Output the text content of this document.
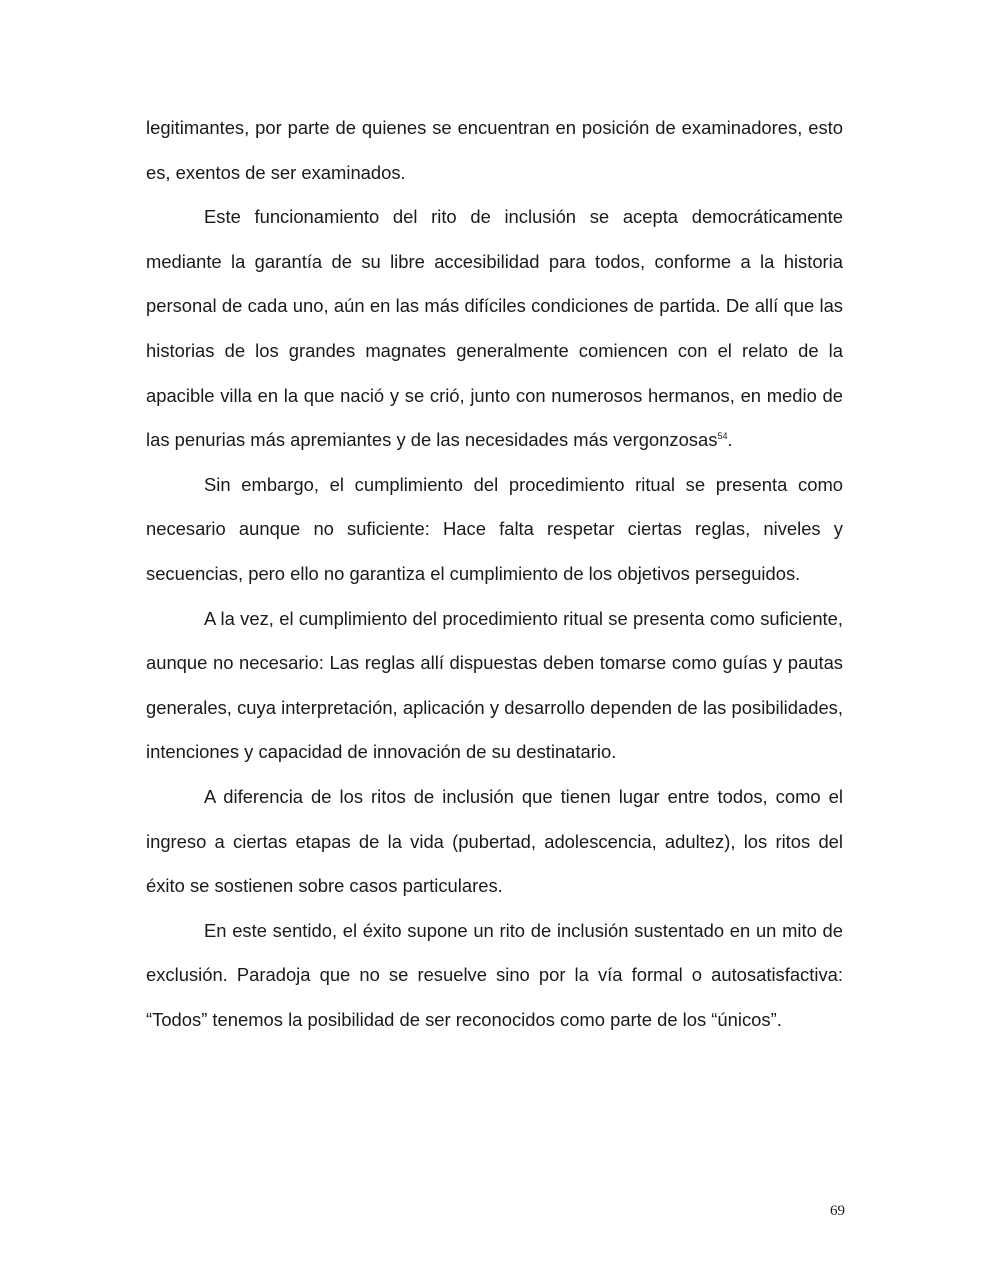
legitimantes, por parte de quienes se encuentran en posición de examinadores, esto es, exentos de ser examinados.

Este funcionamiento del rito de inclusión se acepta democráticamente mediante la garantía de su libre accesibilidad para todos, conforme a la historia personal de cada uno, aún en las más difíciles condiciones de partida. De allí que las historias de los grandes magnates generalmente comiencen con el relato de la apacible villa en la que nació y se crió, junto con numerosos hermanos, en medio de las penurias más apremiantes y de las necesidades más vergonzosas$^{54}$.

Sin embargo, el cumplimiento del procedimiento ritual se presenta como necesario aunque no suficiente: Hace falta respetar ciertas reglas, niveles y secuencias, pero ello no garantiza el cumplimiento de los objetivos perseguidos.

A la vez, el cumplimiento del procedimiento ritual se presenta como suficiente, aunque no necesario: Las reglas allí dispuestas deben tomarse como guías y pautas generales, cuya interpretación, aplicación y desarrollo dependen de las posibilidades, intenciones y capacidad de innovación de su destinatario.

A diferencia de los ritos de inclusión que tienen lugar entre todos, como el ingreso a ciertas etapas de la vida (pubertad, adolescencia, adultez), los ritos del éxito se sostienen sobre casos particulares.

En este sentido, el éxito supone un rito de inclusión sustentado en un mito de exclusión. Paradoja que no se resuelve sino por la vía formal o autosatisfactiva: “Todos” tenemos la posibilidad de ser reconocidos como parte de los “únicos”.

69
